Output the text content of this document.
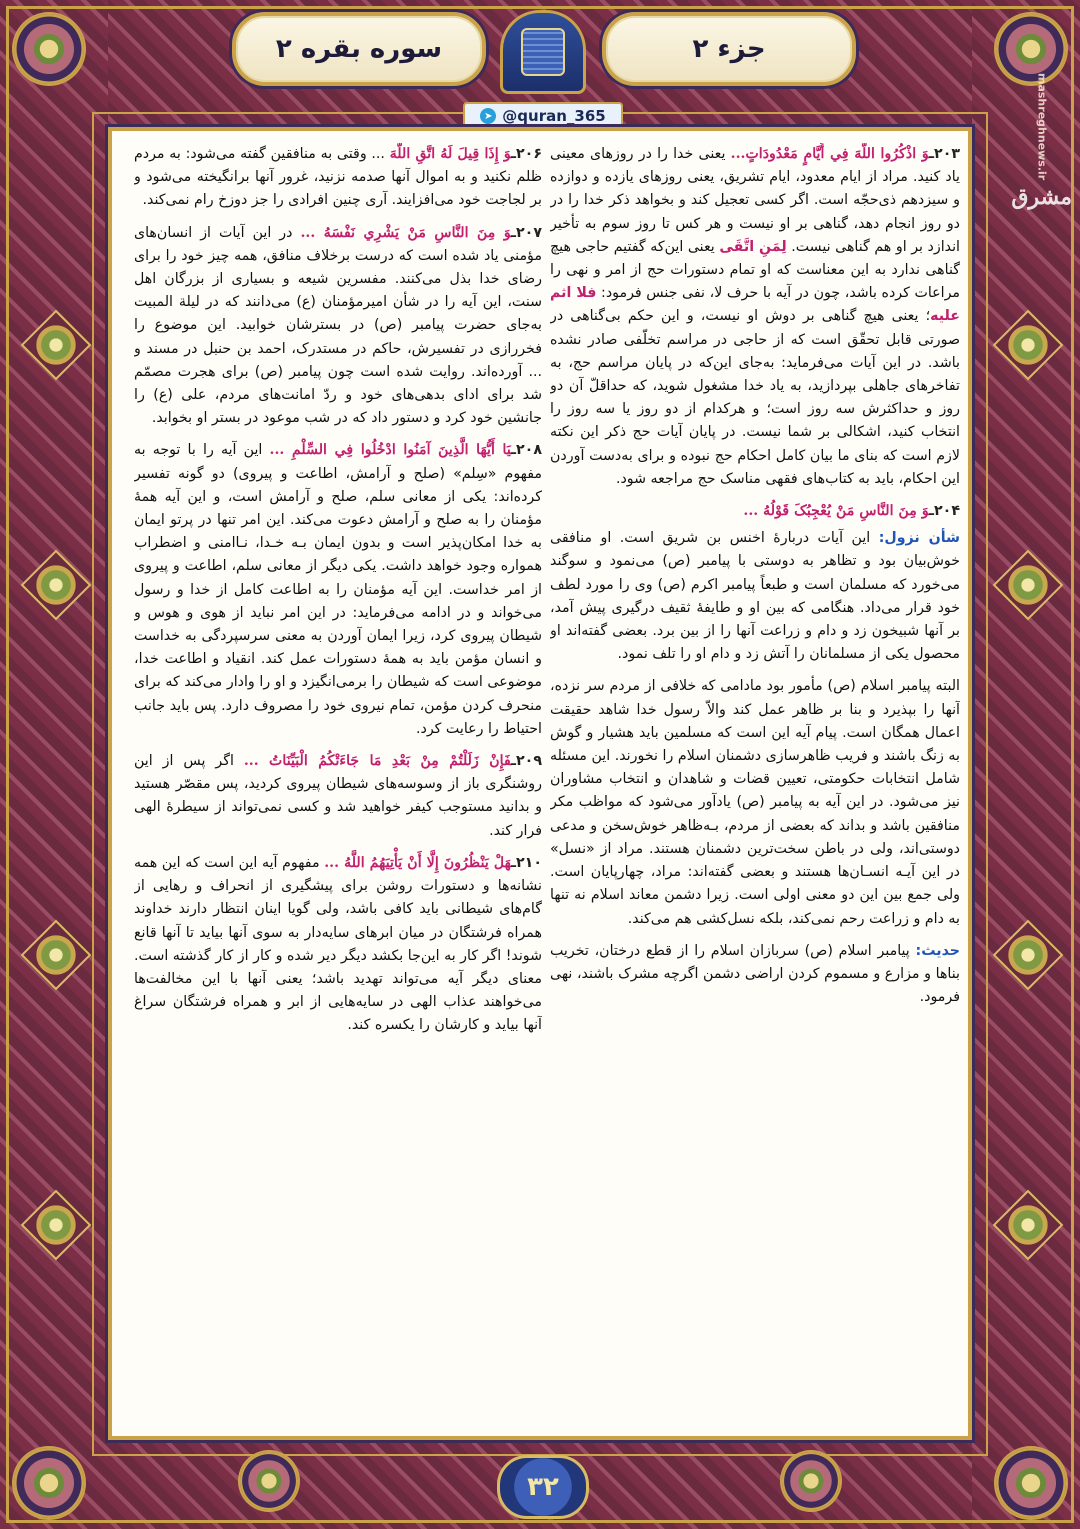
جزء ۲
سوره بقره ۲
➤ @quran_365
مشرق mashreghnews.ir

۲۰۳ـوَ اذْکُرُوا اللَّهَ فِي أَيَّامٍ مَعْدُودَاتٍ... یعنی خدا را در روزهای معینی یاد کنید. مراد از ایام معدود، ایام تشریق، یعنی روزهای یازده و دوازده و سیزدهم ذی‌حجّه است. اگر کسی تعجیل کند و بخواهد ذکر خدا را در دو روز انجام دهد، گناهی بر او نیست و هر کس تا روز سوم به تأخیر اندازد بر او هم گناهی نیست. لِمَنِ اتَّقَی یعنی این‌که گفتیم حاجی هیچ گناهی ندارد به این معناست که او تمام دستورات حج از امر و نهی را مراعات کرده باشد، چون در آیه با حرف لا، نفی جنس فرمود: فلا اثم علیه؛ یعنی هیچ گناهی بر دوش او نیست، و این حکم بی‌گناهی در صورتی قابل تحقّق است که از حاجی در مراسم تخلّفی صادر نشده باشد. در این آیات می‌فرماید: به‌جای این‌که در پایان مراسم حج، به تفاخرهای جاهلی بپردازید، به یاد خدا مشغول شوید، که حداقلّ آن دو روز و حداکثرش سه روز است؛ و هرکدام از دو روز یا سه روز را انتخاب کنید، اشکالی بر شما نیست. در پایان آیات حج ذکر این نکته لازم است که بنای ما بیان کامل احکام حج نبوده و برای به‌دست آوردن این احکام، باید به کتاب‌های فقهی مناسک حج مراجعه شود.

۲۰۴ـوَ مِنَ النَّاسِ مَنْ يُعْجِبُکَ قَوْلُهُ ...

شأن نزول: این آیات دربارهٔ اخنس بن شریق است. او منافقی خوش‌بیان بود و تظاهر به دوستی با پیامبر (ص) می‌نمود و سوگند می‌خورد که مسلمان است و طبعاً پیامبر اکرم (ص) وی را مورد لطف خود قرار می‌داد. هنگامی که بین او و طایفهٔ ثقیف درگیری پیش آمد، بر آنها شبیخون زد و دام و زراعت آنها را از بین برد. بعضی گفته‌اند او محصول یکی از مسلمانان را آتش زد و دام او را تلف نمود.

البته پیامبر اسلام (ص) مأمور بود مادامی که خلافی از مردم سر نزده، آنها را بپذیرد و بنا بر ظاهر عمل کند والاّ رسول خدا شاهد حقیقت اعمال همگان است. پیام آیه این است که مسلمین باید هشیار و گوش به زنگ باشند و فریب ظاهرسازی دشمنان اسلام را نخورند. این مسئله شامل انتخابات حکومتی، تعیین قضات و شاهدان و انتخاب مشاوران نیز می‌شود. در این آیه به پیامبر (ص) یادآور می‌شود که مواظب مکر منافقین باشد و بداند که بعضی از مردم، بـه‌ظاهر خوش‌سخن و مدعی دوستی‌اند، ولی در باطن سخت‌ترین دشمنان هستند. مراد از «نسل» در این آیـه انسـان‌ها هستند و بعضی گفته‌اند: مراد، چهارپایان است. ولی جمع بین این دو معنی اولی است. زیرا دشمن معاند اسلام نه تنها به دام و زراعت رحم نمی‌کند، بلکه نسل‌کشی هم می‌کند.

حدیث: پیامبر اسلام (ص) سربازان اسلام را از قطع درختان، تخریب بناها و مزارع و مسموم کردن اراضی دشمن اگرچه مشرک باشند، نهی فرمود.

۲۰۶ـوَ إِذَا قِيلَ لَهُ اتَّقِ اللَّهَ ... وقتی به منافقین گفته می‌شود: به مردم ظلم نکنید و به اموال آنها صدمه نزنید، غرور آنها برانگیخته می‌شود و بر لجاجت خود می‌افزایند. آری چنین افرادی را جز دوزخ رام نمی‌کند.

۲۰۷ـوَ مِنَ النَّاسِ مَنْ يَشْرِي نَفْسَهُ ... در این آیات از انسان‌های مؤمنی یاد شده است که درست برخلاف منافق، همه چیز خود را برای رضای خدا بذل می‌کنند. مفسرین شیعه و بسیاری از بزرگان اهل سنت، این آیه را در شأن امیرمؤمنان (ع) می‌دانند که در لیلة المبیت به‌جای حضرت پیامبر (ص) در بسترشان خوابید. این موضوع را فخررازی در تفسیرش، حاکم در مستدرک، احمد بن حنبل در مسند و ... آورده‌اند. روایت شده است چون پیامبر (ص) برای هجرت مصمّم شد برای ادای بدهی‌های خود و ردّ امانت‌های مردم، علی (ع) را جانشین خود کرد و دستور داد که در شب موعود در بستر او بخوابد.

۲۰۸ـيَا أَيُّهَا الَّذِينَ آمَنُوا ادْخُلُوا فِي السِّلْمِ ... این آیه را با توجه به مفهوم «سِلم» (صلح و آرامش، اطاعت و پیروی) دو گونه تفسیر کرده‌اند: یکی از معانی سلم، صلح و آرامش است، و این آیه همهٔ مؤمنان را به صلح و آرامش دعوت می‌کند. این امر تنها در پرتو ایمان به خدا امکان‌پذیر است و بدون ایمان بـه خـدا، نـاامنی و اضطراب همواره وجود خواهد داشت. یکی دیگر از معانی سلم، اطاعت و پیروی از امر خداست. این آیه مؤمنان را به اطاعت کامل از خدا و رسول می‌خواند و در ادامه می‌فرماید: در این امر نباید از هوی و هوس و شیطان پیروی کرد، زیرا ایمان آوردن به معنی سرسپردگی به خداست و انسان مؤمن باید به همهٔ دستورات عمل کند. انقیاد و اطاعت خدا، موضوعی است که شیطان را برمی‌انگیزد و او را وادار می‌کند که برای منحرف کردن مؤمن، تمام نیروی خود را مصروف دارد. پس باید جانب احتیاط را رعایت کرد.

۲۰۹ـفَإِنْ زَلَلْتُمْ مِنْ بَعْدِ مَا جَاءَتْکُمُ الْبَيِّنَاتُ ... اگر پس از این روشنگری باز از وسوسه‌های شیطان پیروی کردید، پس مقصّر هستید و بدانید مستوجب کیفر خواهید شد و کسی نمی‌تواند از سیطرهٔ الهی فرار کند.

۲۱۰ـهَلْ يَنْظُرُونَ إِلَّا أَنْ يَأْتِيَهُمُ اللَّهُ ... مفهوم آیه این است که این همه نشانه‌ها و دستورات روشن برای پیشگیری از انحراف و رهایی از گام‌های شیطانی باید کافی باشد، ولی گویا اینان انتظار دارند خداوند همراه فرشتگان در میان ابرهای سایه‌دار به سوی آنها بیاید تا آنها قانع شوند! اگر کار به این‌جا بکشد دیگر دیر شده و کار از کار گذشته است. معنای دیگر آیه می‌تواند تهدید باشد؛ یعنی آنها با این مخالفت‌ها می‌خواهند عذاب الهی در سایه‌هایی از ابر و همراه فرشتگان سراغ آنها بیاید و کارشان را یکسره کند.

۳۲
